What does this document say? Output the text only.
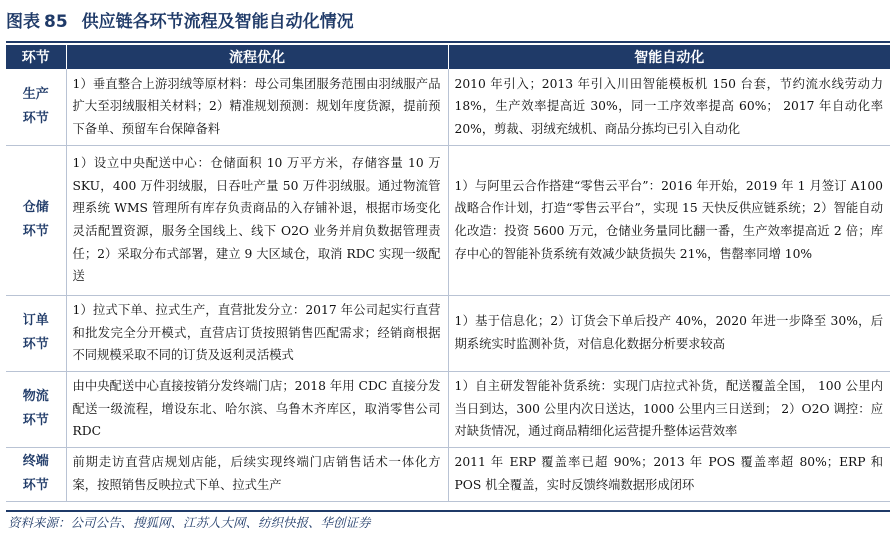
图表 85 供应链各环节流程及智能自动化情况
环节	流程优化	智能自动化
生产环节	1）垂直整合上游羽绒等原材料：母公司集团服务范围由羽绒服产品扩大至羽绒服相关材料；2）精准规划预测：规划年度货源，提前预下备单、预留车台保障备料	2010 年引入；2013 年引入川田智能模板机 150 台套，节约流水线劳动力 18%，生产效率提高近 30%，同一工序效率提高 60%； 2017 年自动化率 20%，剪裁、羽绒充绒机、商品分拣均已引入自动化
仓储环节	1）设立中央配送中心：仓储面积 10 万平方米，存储容量 10 万 SKU，400 万件羽绒服，日吞吐产量 50 万件羽绒服。通过物流管理系统 WMS 管理所有库存负责商品的入存铺补退，根据市场变化灵活配置资源，服务全国线上、线下 O2O 业务并肩负数据管理责任；2）采取分布式部署，建立 9 大区域仓，取消 RDC 实现一级配送	1）与阿里云合作搭建“零售云平台”：2016 年开始，2019 年 1 月签订 A100 战略合作计划，打造“零售云平台”，实现 15 天快反供应链系统；2）智能自动化改造：投资 5600 万元，仓储业务量同比翻一番，生产效率提高近 2 倍；库存中心的智能补货系统有效减少缺货损失 21%，售罄率同增 10%
订单环节	1）拉式下单、拉式生产，直营批发分立：2017 年公司起实行直营和批发完全分开模式，直营店订货按照销售匹配需求；经销商根据不同规模采取不同的订货及返利灵活模式	1）基于信息化；2）订货会下单后投产 40%，2020 年进一步降至 30%，后期系统实时监测补货，对信息化数据分析要求较高
物流环节	由中央配送中心直接按销分发终端门店；2018 年用 CDC 直接分发配送一级流程，增设东北、哈尔滨、乌鲁木齐库区，取消零售公司 RDC	1）自主研发智能补货系统：实现门店拉式补货，配送覆盖全国， 100 公里内当日到达，300 公里内次日送达，1000 公里内三日送到； 2）O2O 调控：应对缺货情况，通过商品精细化运营提升整体运营效率
终端环节	前期走访直营店规划店能，后续实现终端门店销售话术一体化方案，按照销售反映拉式下单、拉式生产	2011 年 ERP 覆盖率已超 90%；2013 年 POS 覆盖率超 80%；ERP 和 POS 机全覆盖，实时反馈终端数据形成闭环
资料来源：公司公告、搜狐网、江苏人大网、纺织快报、华创证券
